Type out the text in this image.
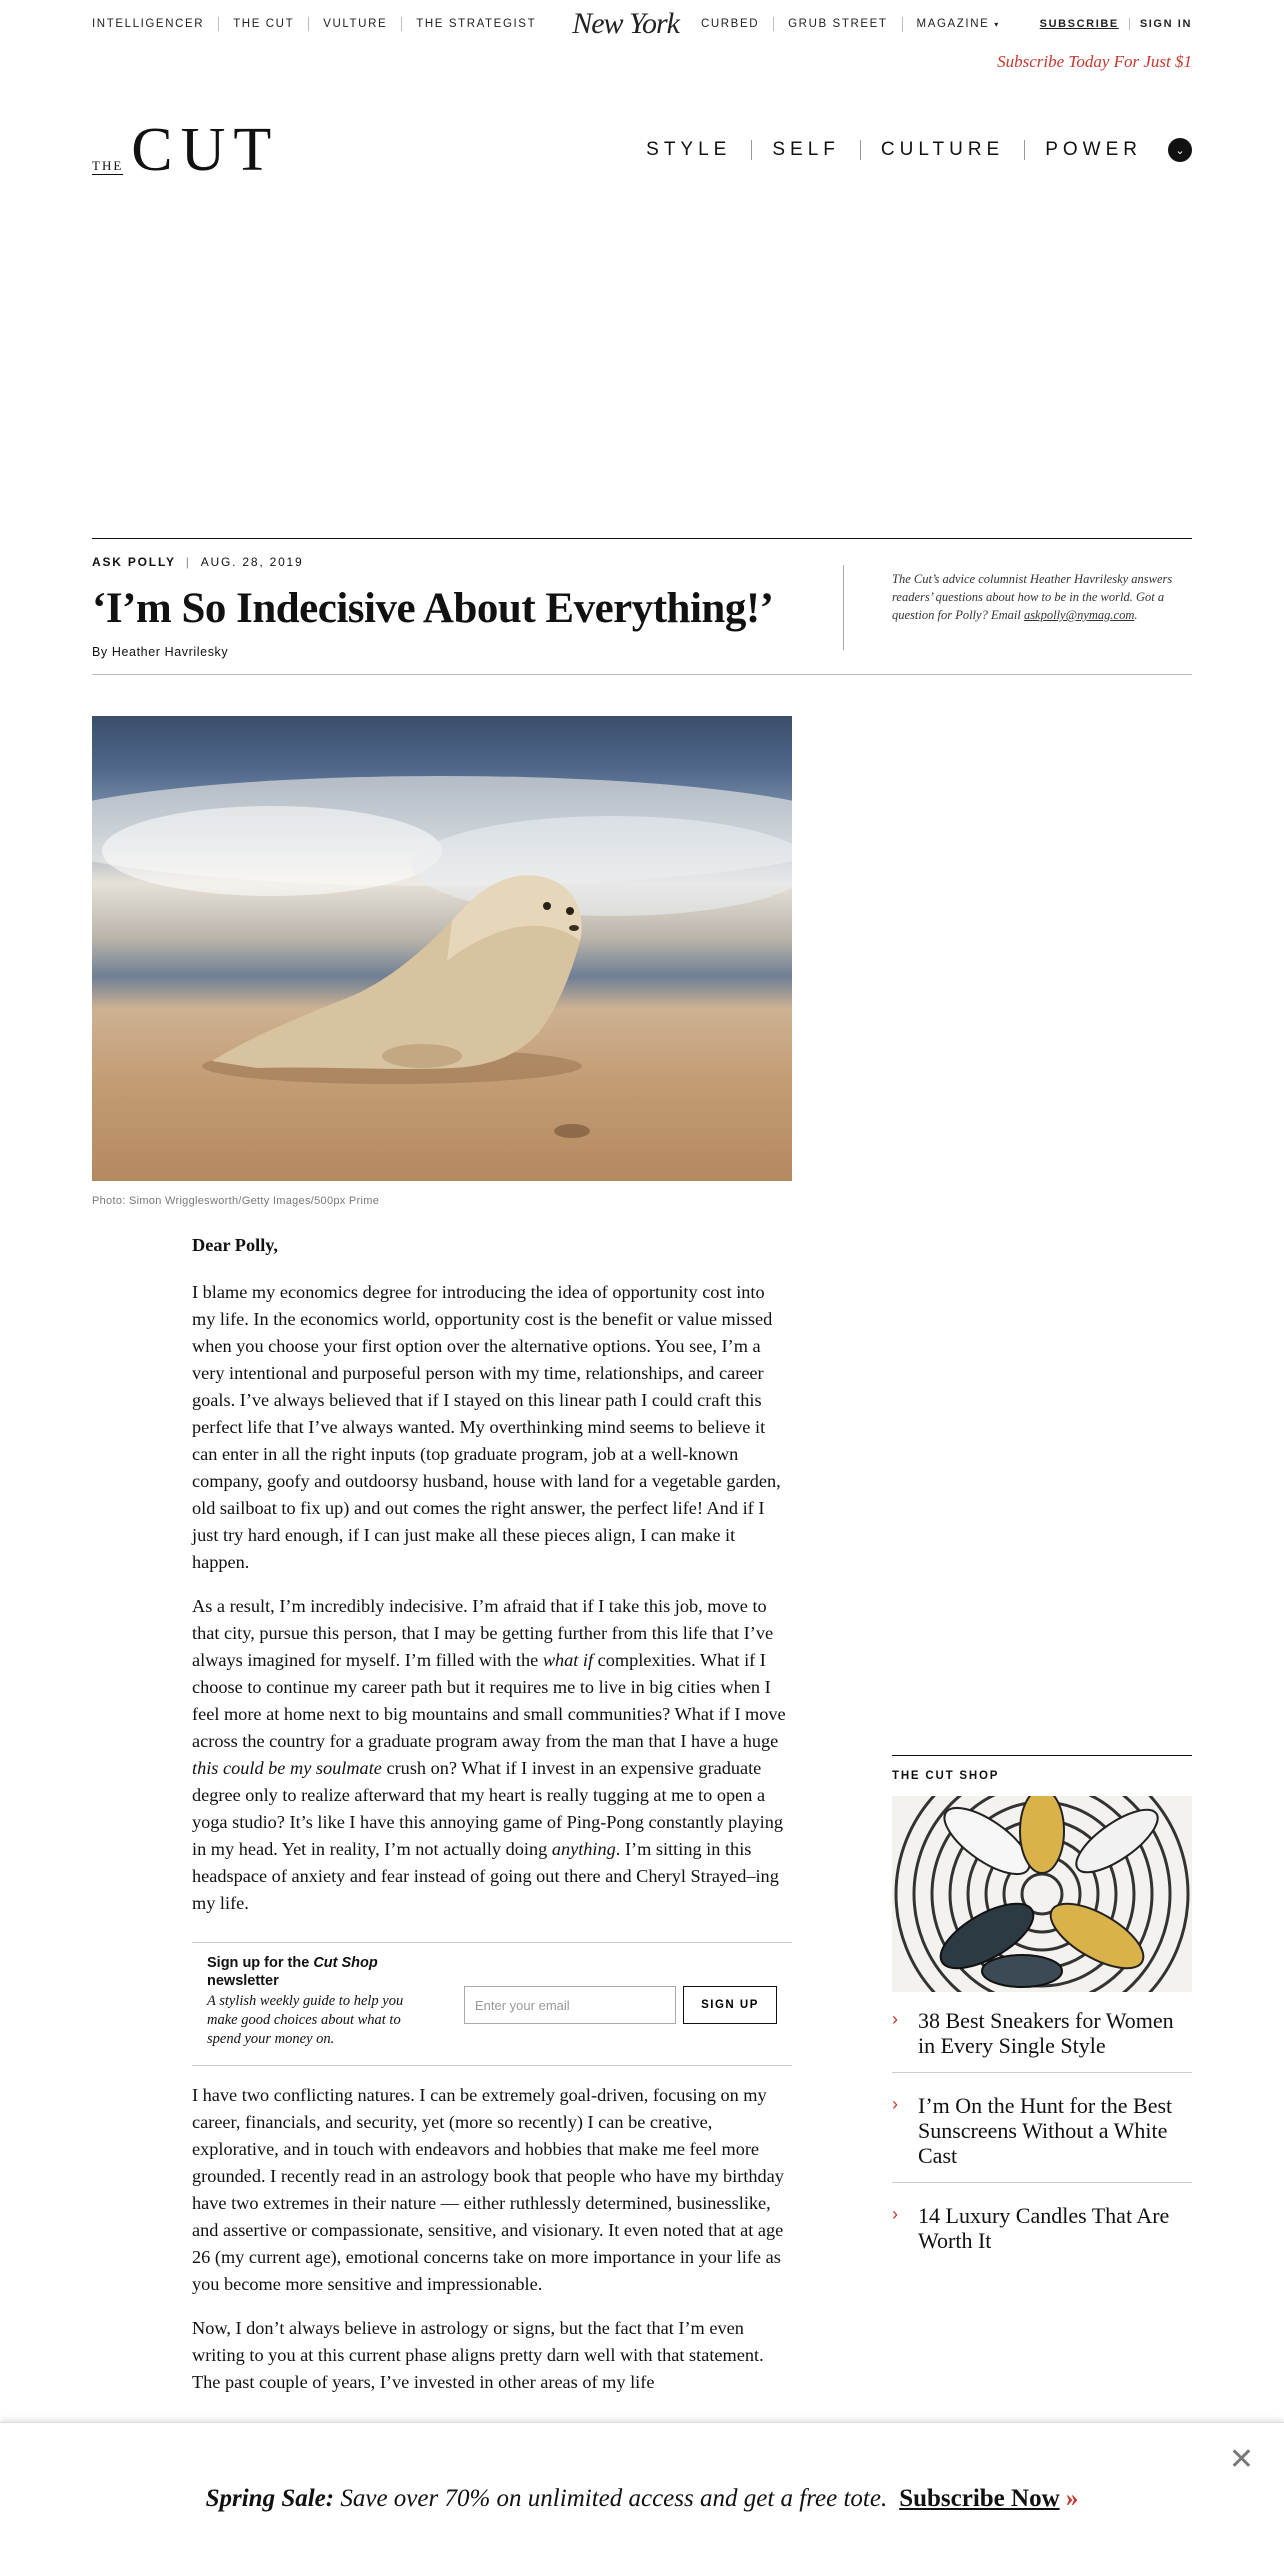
INTELLIGENCER	THE CUT	VULTURE	THE STRATEGIST	New York CURBED	GRUB STREET	MAGAZINE ▾	SUBSCRIBE	SIGN IN
Subscribe Today For Just $1
THE CUT	STYLE	SELF	CULTURE	POWER	⌄
ASK POLLY | AUG. 28, 2019
‘I’m So Indecisive About Everything!’
By Heather Havrilesky
The Cut’s advice columnist Heather Havrilesky answers readers’ questions about how to be in the world. Got a question for Polly? Email askpolly@nymag.com.
Photo: Simon Wrigglesworth/Getty Images/500px Prime
Dear Polly,

I blame my economics degree for introducing the idea of opportunity cost into my life. In the economics world, opportunity cost is the benefit or value missed when you choose your first option over the alternative options. You see, I’m a very intentional and purposeful person with my time, relationships, and career goals. I’ve always believed that if I stayed on this linear path I could craft this perfect life that I’ve always wanted. My overthinking mind seems to believe it can enter in all the right inputs (top graduate program, job at a well-known company, goofy and outdoorsy husband, house with land for a vegetable garden, old sailboat to fix up) and out comes the right answer, the perfect life! And if I just try hard enough, if I can just make all these pieces align, I can make it happen.

As a result, I’m incredibly indecisive. I’m afraid that if I take this job, move to that city, pursue this person, that I may be getting further from this life that I’ve always imagined for myself. I’m filled with the what if complexities. What if I choose to continue my career path but it requires me to live in big cities when I feel more at home next to big mountains and small communities? What if I move across the country for a graduate program away from the man that I have a huge this could be my soulmate crush on? What if I invest in an expensive graduate degree only to realize afterward that my heart is really tugging at me to open a yoga studio? It’s like I have this annoying game of Ping-Pong constantly playing in my head. Yet in reality, I’m not actually doing anything. I’m sitting in this headspace of anxiety and fear instead of going out there and Cheryl Strayed–ing my life.

Sign up for the Cut Shop newsletter
A stylish weekly guide to help you make good choices about what to spend your money on.
Enter your email
SIGN UP

I have two conflicting natures. I can be extremely goal-driven, focusing on my career, financials, and security, yet (more so recently) I can be creative, explorative, and in touch with endeavors and hobbies that make me feel more grounded. I recently read in an astrology book that people who have my birthday have two extremes in their nature — either ruthlessly determined, businesslike, and assertive or compassionate, sensitive, and visionary. It even noted that at age 26 (my current age), emotional concerns take on more importance in your life as you become more sensitive and impressionable.

Now, I don’t always believe in astrology or signs, but the fact that I’m even writing to you at this current phase aligns pretty darn well with that statement. The past couple of years, I’ve invested in other areas of my life

THE CUT SHOP
› 38 Best Sneakers for Women in Every Single Style
› I’m On the Hunt for the Best Sunscreens Without a White Cast
› 14 Luxury Candles That Are Worth It
✕
Spring Sale: Save over 70% on unlimited access and get a free tote. Subscribe Now »
